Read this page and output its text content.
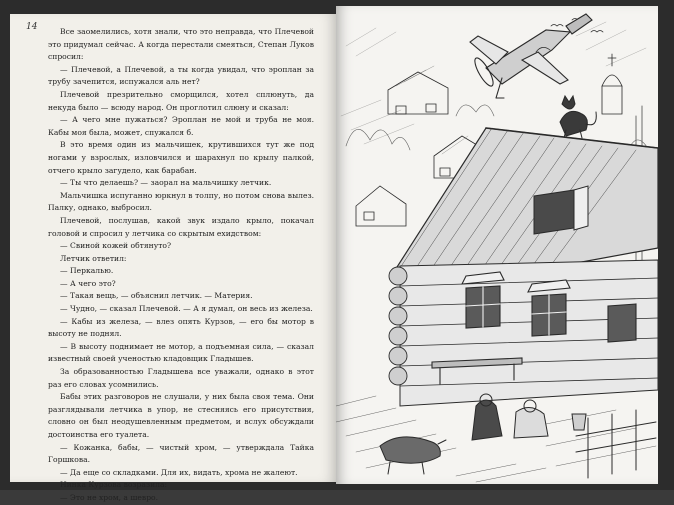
14	Все заомелились, хотя знали, что это неправда, что Плечевой это придумал сейчас. А когда перестали смеяться, Степан Луков спросил:

— Плечевой, а Плечевой, а ты когда увидал, что эроплан за трубу зачепится, испужался аль нет?

Плечевой презрительно сморщился, хотел сплюнуть, да некуда было — всюду народ. Он проглотил слюну и сказал:

— А чего мне пужаться? Эроплан не мой и труба не моя. Кабы моя была, может, спужался б.

В это время один из мальчишек, крутившихся тут же под ногами у взрослых, изловчился и шарахнул по крылу палкой, отчего крыло загудело, как барабан.

— Ты что делаешь? — заорал на мальчишку летчик.

Мальчишка испуганно юркнул в толпу, но потом снова вылез. Палку, однако, выбросил.

Плечевой, послушав, какой звук издало крыло, покачал головой и спросил у летчика со скрытым ехидством:

— Свиной кожей обтянуто?

Летчик ответил:

— Перкалью.

— А чего это?

— Такая вещь, — объяснил летчик. — Материя.

— Чудно, — сказал Плечевой. — А я думал, он весь из железа.

— Кабы из железа, — влез опять Курзов, — его бы мотор в высоту не поднял.

— В высоту поднимает не мотор, а подъемная сила, — сказал известный своей ученостью кладовщик Гладышев.

За образованностью Гладышева все уважали, однако в этот раз его словах усомнились.

Бабы этих разговоров не слушали, у них была своя тема. Они разглядывали летчика в упор, не стесняясь его присутствия, словно он был неодушевленным предметом, и вслух обсуждали достоинства его туалета.

— Кожанка, бабы, — чистый хром, — утверждала Тайка Горшкова.

— Да еще со складками. Для их, видать, хрома не жалеют.

Нинка Курзова возразила:

— Это не хром, а шевро.
